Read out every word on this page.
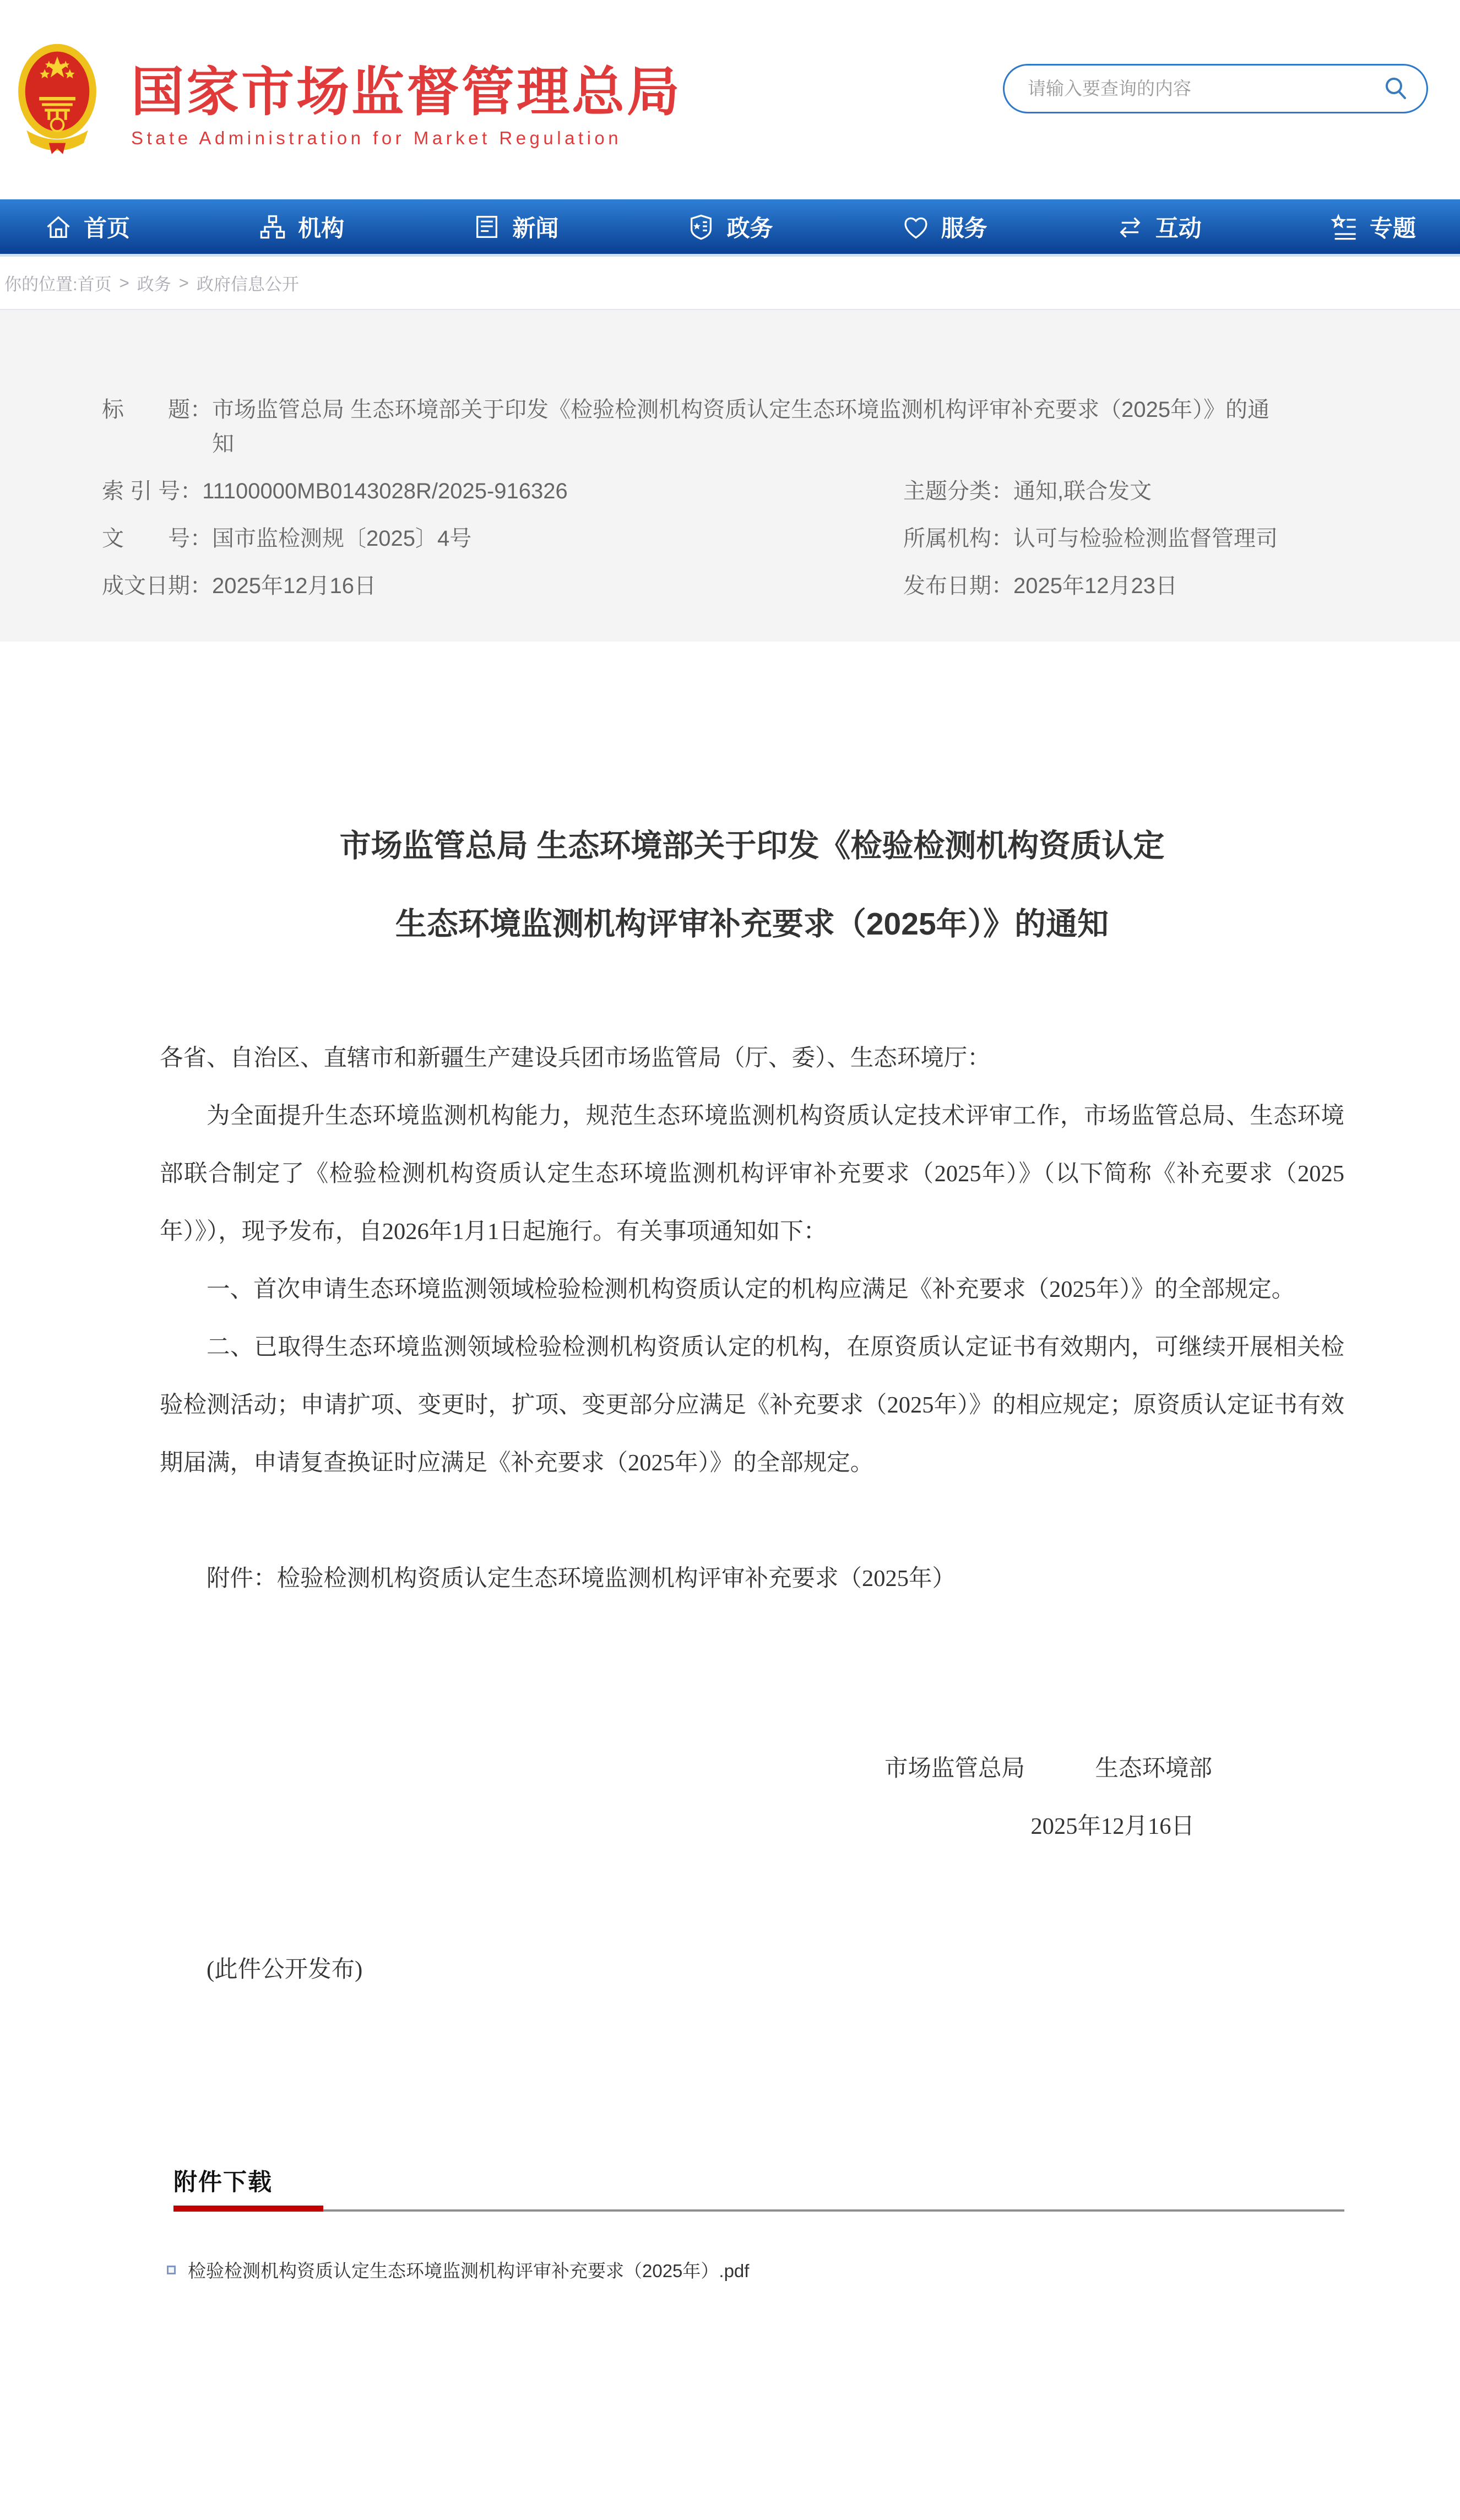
国家市场监督管理总局
State Administration for Market Regulation
请输入要查询的内容
首页	机构	新闻	政务	服务	互动	专题
你的位置: 首页 > 政务 > 政府信息公开
标　　题： 市场监管总局 生态环境部关于印发《检验检测机构资质认定生态环境监测机构评审补充要求（2025年）》的通知
索 引 号： 11100000MB0143028R/2025-916326	主题分类： 通知,联合发文
文　　号： 国市监检测规〔2025〕4号	所属机构： 认可与检验检测监督管理司
成文日期： 2025年12月16日	发布日期： 2025年12月23日
市场监管总局 生态环境部关于印发《检验检测机构资质认定
生态环境监测机构评审补充要求（2025年）》的通知

各省、自治区、直辖市和新疆生产建设兵团市场监管局（厅、委）、生态环境厅：

为全面提升生态环境监测机构能力，规范生态环境监测机构资质认定技术评审工作，市场监管总局、生态环境部联合制定了《检验检测机构资质认定生态环境监测机构评审补充要求（2025年）》（以下简称《补充要求（2025年）》），现予发布，自2026年1月1日起施行。有关事项通知如下：

一、首次申请生态环境监测领域检验检测机构资质认定的机构应满足《补充要求（2025年）》的全部规定。

二、已取得生态环境监测领域检验检测机构资质认定的机构，在原资质认定证书有效期内，可继续开展相关检验检测活动；申请扩项、变更时，扩项、变更部分应满足《补充要求（2025年）》的相应规定；原资质认定证书有效期届满，申请复查换证时应满足《补充要求（2025年）》的全部规定。

附件：检验检测机构资质认定生态环境监测机构评审补充要求（2025年）

市场监管总局　　　生态环境部
2025年12月16日

(此件公开发布)

附件下载
检验检测机构资质认定生态环境监测机构评审补充要求（2025年）.pdf
